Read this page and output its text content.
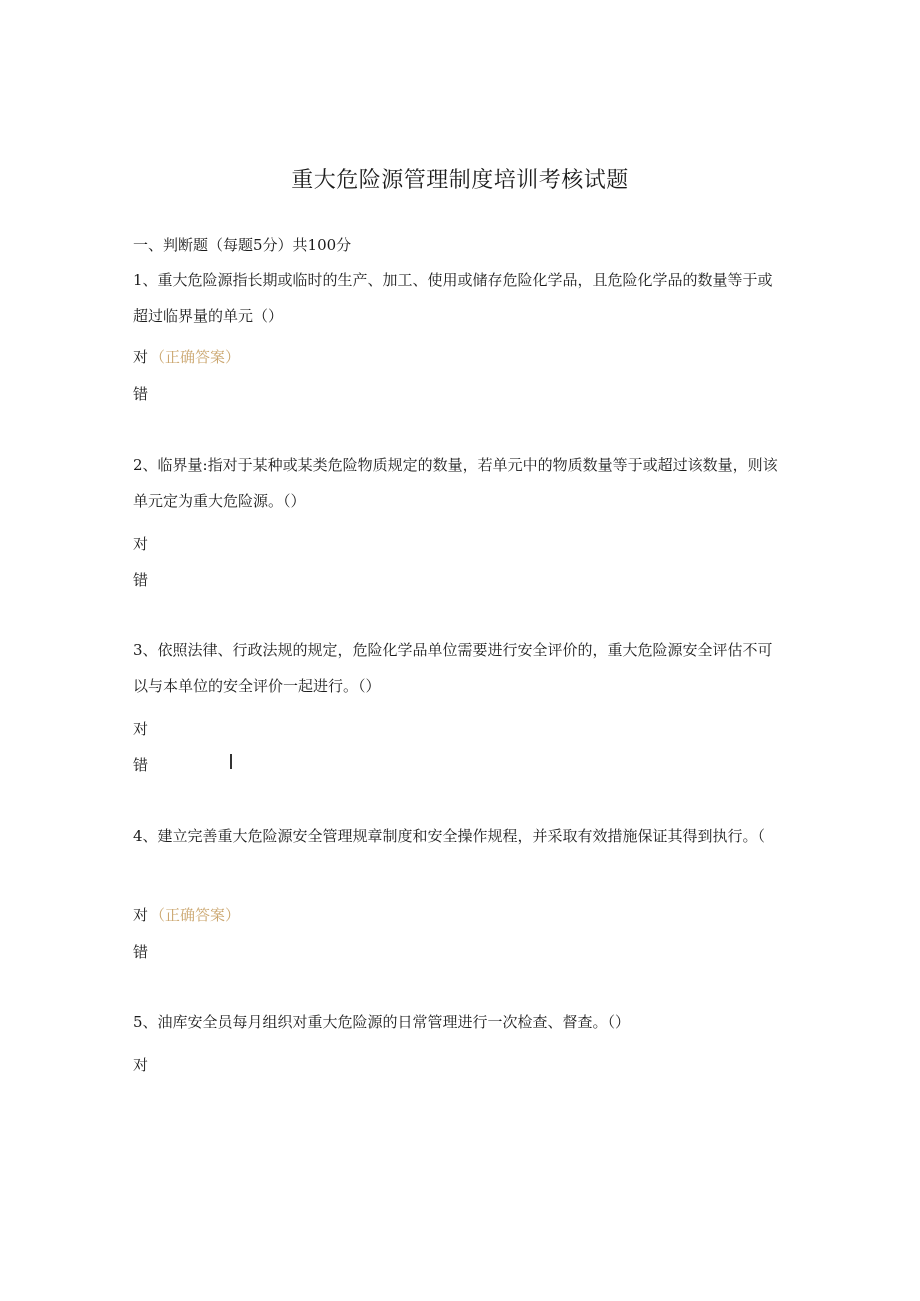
重大危险源管理制度培训考核试题
一、判断题（每题5分）共100分
1、重大危险源指长期或临时的生产、加工、使用或储存危险化学品，且危险化学品的数量等于或超过临界量的单元（）
对 （正确答案）
错
2、临界量:指对于某种或某类危险物质规定的数量，若单元中的物质数量等于或超过该数量，则该单元定为重大危险源。（）
对
错
3、依照法律、行政法规的规定，危险化学品单位需要进行安全评价的，重大危险源安全评估不可以与本单位的安全评价一起进行。（）
对
错
4、建立完善重大危险源安全管理规章制度和安全操作规程，并采取有效措施保证其得到执行。（
对 （正确答案）
错
5、油库安全员每月组织对重大危险源的日常管理进行一次检查、督查。（）
对
